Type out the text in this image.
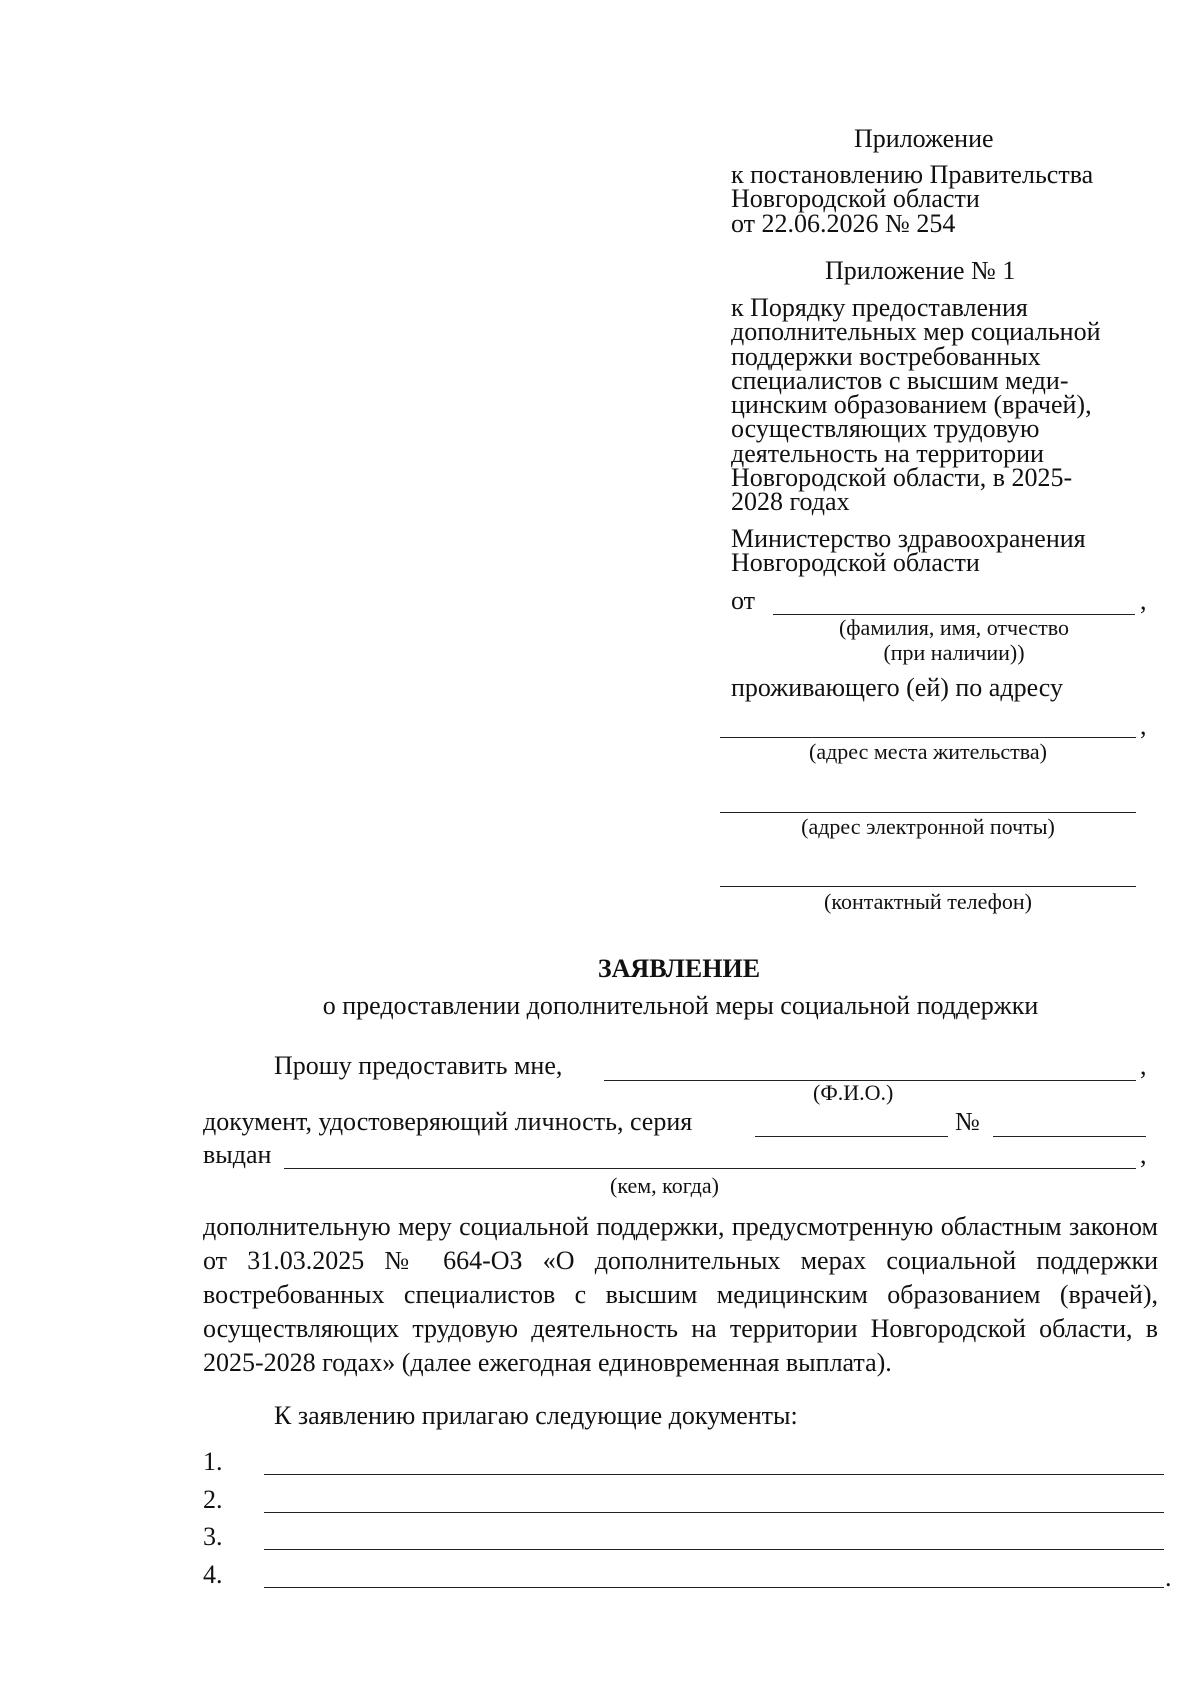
Приложение
к постановлению Правительства
Новгородской области
от 22.06.2026 № 254
Приложение № 1
к Порядку предоставления
дополнительных мер социальной
поддержки востребованных
специалистов с высшим меди-
цинским образованием (врачей),
осуществляющих трудовую
деятельность на территории
Новгородской области, в 2025-
2028 годах
Министерство здравоохранения
Новгородской области
от	,
(фамилия, имя, отчество
(при наличии))
проживающего (ей) по адресу
,
(адрес места жительства)
(адрес электронной почты)
(контактный телефон)
ЗАЯВЛЕНИЕ
о предоставлении дополнительной меры социальной поддержки
Прошу предоставить мне,	,
(Ф.И.О.)
документ, удостоверяющий личность, серия	№
выдан	,
(кем, когда)
дополнительную меру социальной поддержки, предусмотренную областным законом от 31.03.2025 № 664-ОЗ «О дополнительных мерах социальной поддержки востребованных специалистов с высшим медицинским образованием (врачей), осуществляющих трудовую деятельность на территории Новгородской области, в 2025-2028 годах» (далее ежегодная единовременная выплата).
К заявлению прилагаю следующие документы:
1.
2.
3.
4.	.
